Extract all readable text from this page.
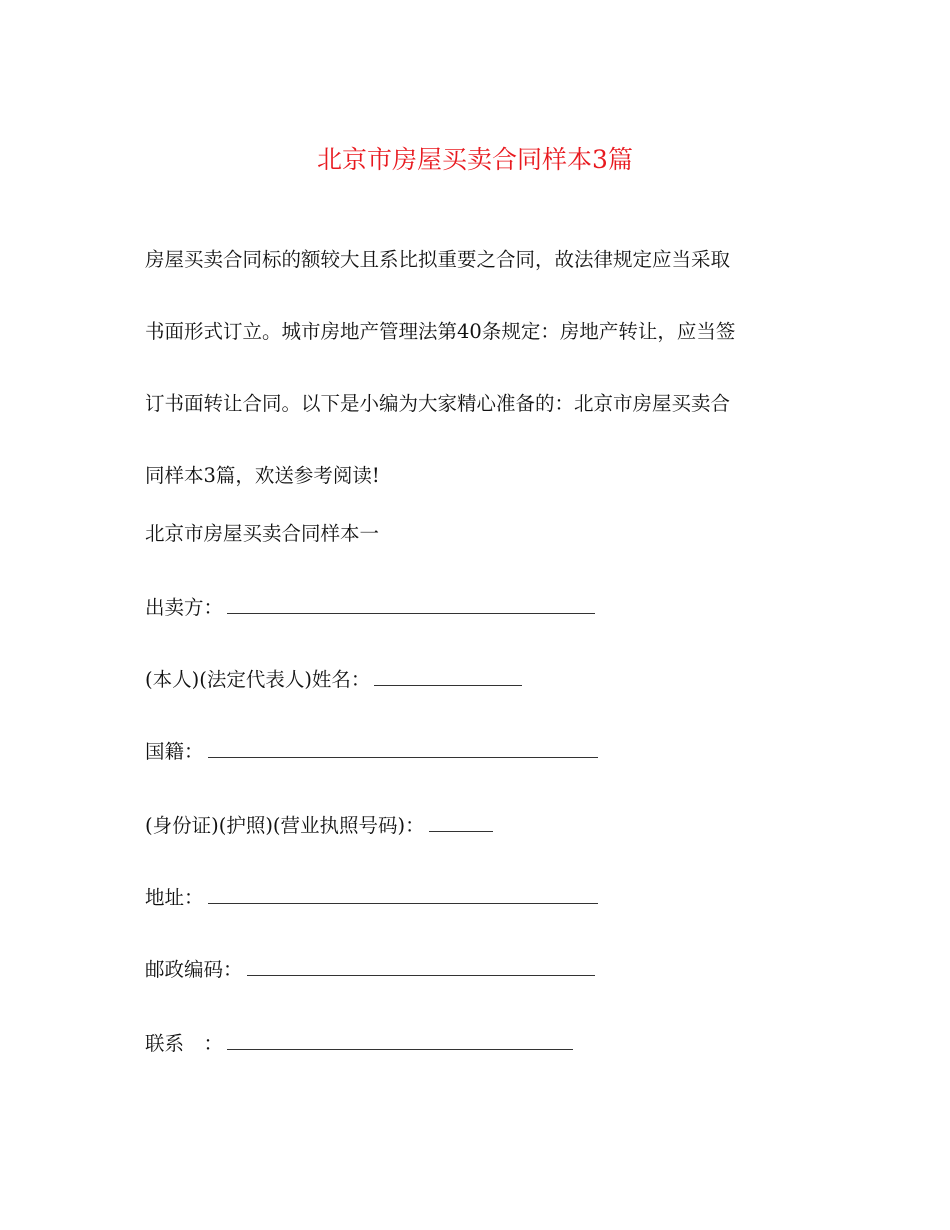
北京市房屋买卖合同样本3篇

房屋买卖合同标的额较大且系比拟重要之合同，故法律规定应当采取

书面形式订立。城市房地产管理法第40条规定：房地产转让，应当签

订书面转让合同。以下是小编为大家精心准备的：北京市房屋买卖合

同样本3篇，欢送参考阅读!

北京市房屋买卖合同样本一
出卖方：
(本人)(法定代表人)姓名：
国籍：
(身份证)(护照)(营业执照号码)：
地址：
邮政编码：
联系　：
